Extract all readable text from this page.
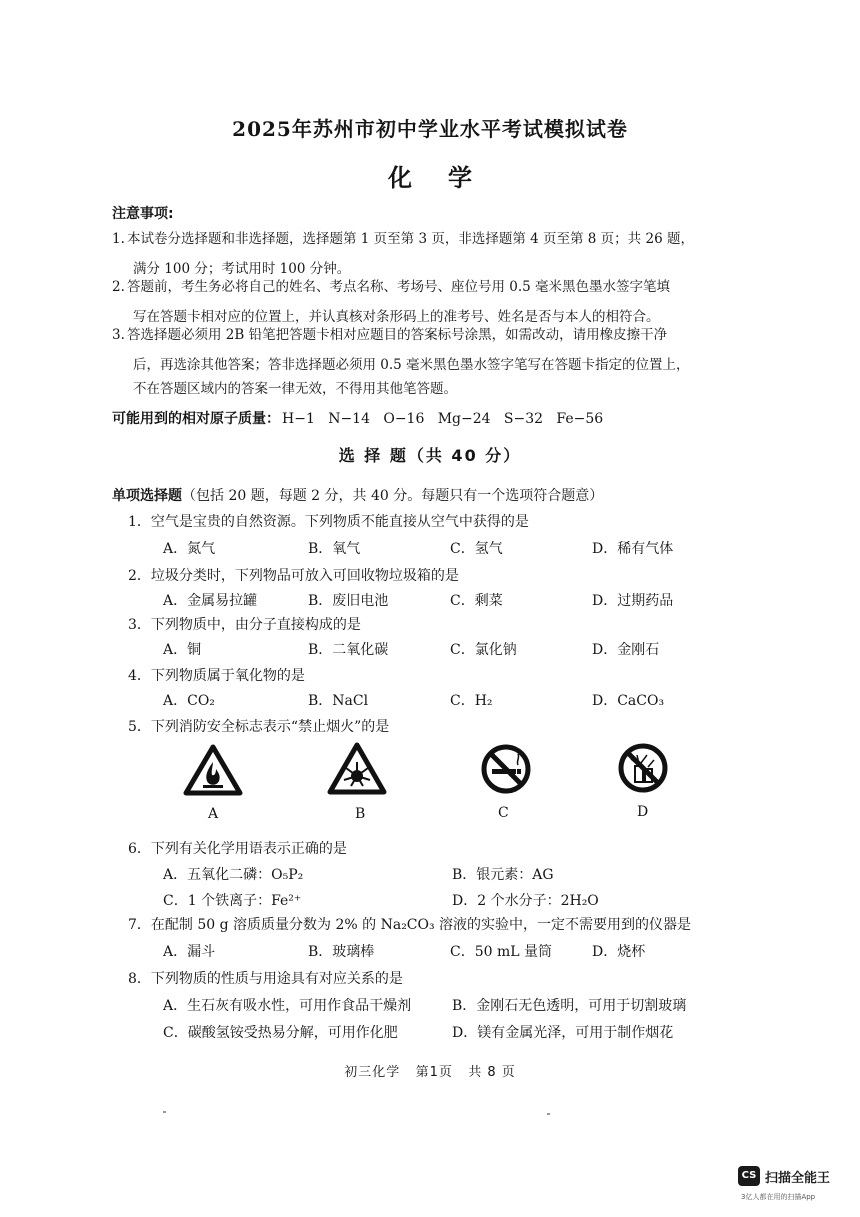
2025年苏州市初中学业水平考试模拟试卷
化学
注意事项:
1. 本试卷分选择题和非选择题，选择题第 1 页至第 3 页，非选择题第 4 页至第 8 页；共 26 题，
满分 100 分；考试用时 100 分钟。
2. 答题前，考生务必将自己的姓名、考点名称、考场号、座位号用 0.5 毫米黑色墨水签字笔填
写在答题卡相对应的位置上，并认真核对条形码上的准考号、姓名是否与本人的相符合。
3. 答选择题必须用 2B 铅笔把答题卡相对应题目的答案标号涂黑，如需改动，请用橡皮擦干净
后，再选涂其他答案；答非选择题必须用 0.5 毫米黑色墨水签字笔写在答题卡指定的位置上，
不在答题区域内的答案一律无效，不得用其他笔答题。
可能用到的相对原子质量： H−1   N−14   O−16   Mg−24   S−32   Fe−56
选 择 题（共 40 分）
单项选择题（包括 20 题，每题 2 分，共 40 分。每题只有一个选项符合题意）
1．空气是宝贵的自然资源。下列物质不能直接从空气中获得的是
A．氮气	B．氧气	C．氢气	D．稀有气体
2．垃圾分类时，下列物品可放入可回收物垃圾箱的是
A．金属易拉罐	B．废旧电池	C．剩菜	D．过期药品
3．下列物质中，由分子直接构成的是
A．铜	B．二氧化碳	C．氯化钠	D．金刚石
4．下列物质属于氧化物的是
A．CO₂	B．NaCl	C．H₂	D．CaCO₃
5．下列消防安全标志表示“禁止烟火”的是
A	B	C	D
6．下列有关化学用语表示正确的是
A．五氧化二磷：O₅P₂	B．银元素：AG
C．1 个铁离子：Fe²⁺	D．2 个水分子：2H₂O
7．在配制 50 g 溶质质量分数为 2% 的 Na₂CO₃ 溶液的实验中，一定不需要用到的仪器是
A．漏斗	B．玻璃棒	C．50 mL 量筒	D．烧杯
8．下列物质的性质与用途具有对应关系的是
A．生石灰有吸水性，可用作食品干燥剂	B．金刚石无色透明，可用于切割玻璃
C．碳酸氢铵受热易分解，可用作化肥	D．镁有金属光泽，可用于制作烟花
初三化学   第1页   共 8 页
CS 扫描全能王
3亿人都在用的扫描App
